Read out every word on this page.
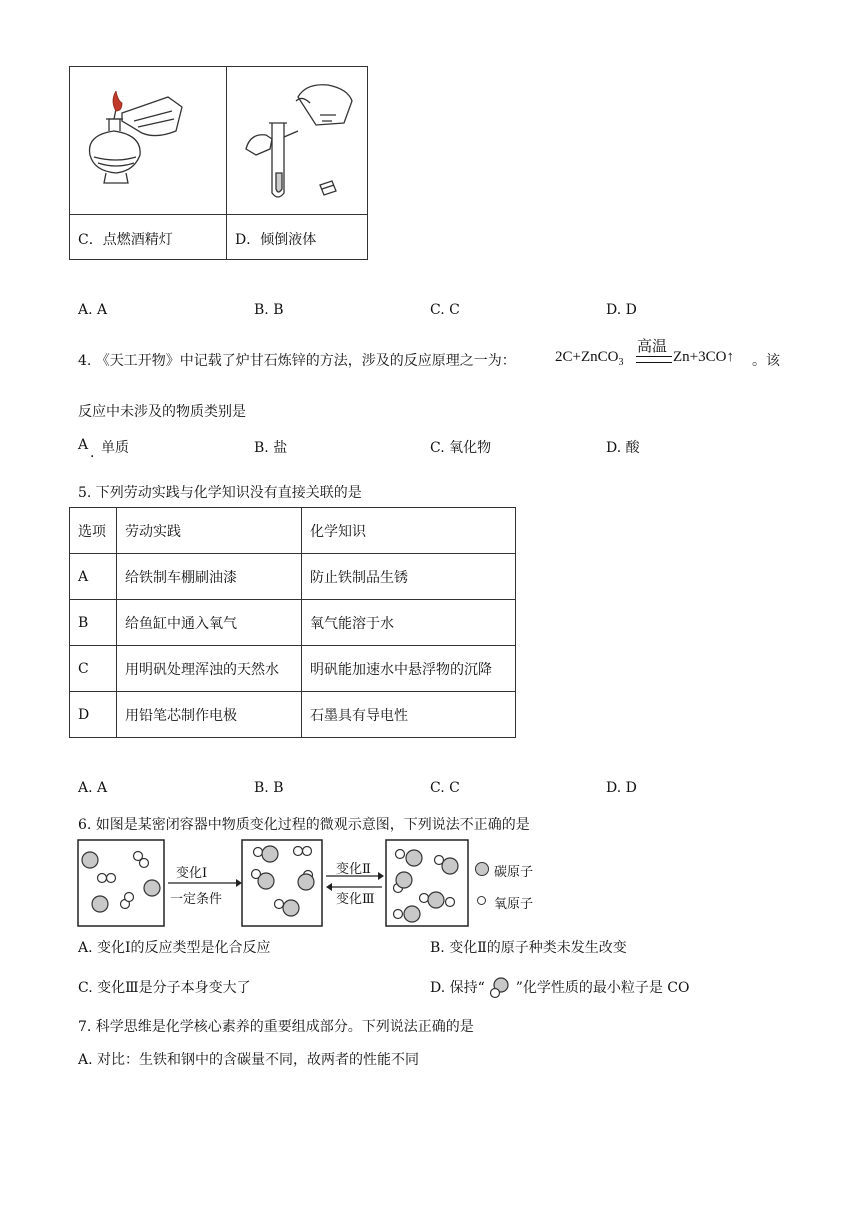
C．点燃酒精灯	D．倾倒液体
A. A	B. B	C. C	D. D
4. 《天工开物》中记载了炉甘石炼锌的方法，涉及的反应原理之一为：	2C+ZnCO$_3$
高温
Zn+3CO↑ 。该
反应中未涉及的物质类别是
A
·
单质	B. 盐	C. 氧化物	D. 酸
5. 下列劳动实践与化学知识没有直接关联的是
选项	劳动实践	化学知识
A	给铁制车棚刷油漆	防止铁制品生锈
B	给鱼缸中通入氧气	氧气能溶于水
C	用明矾处理浑浊的天然水	明矾能加速水中悬浮物的沉降
D	用铅笔芯制作电极	石墨具有导电性
A. A	B. B	C. C	D. D
6. 如图是某密闭容器中物质变化过程的微观示意图，下列说法不正确的是
变化Ⅰ
一定条件
变化Ⅱ
变化Ⅲ
碳原子
氧原子
A. 变化Ⅰ的反应类型是化合反应	B. 变化Ⅱ的原子种类未发生改变
C. 变化Ⅲ是分子本身变大了	D. 保持“ ”化学性质的最小粒子是 CO
7. 科学思维是化学核心素养的重要组成部分。下列说法正确的是
A. 对比：生铁和钢中的含碳量不同，故两者的性能不同
